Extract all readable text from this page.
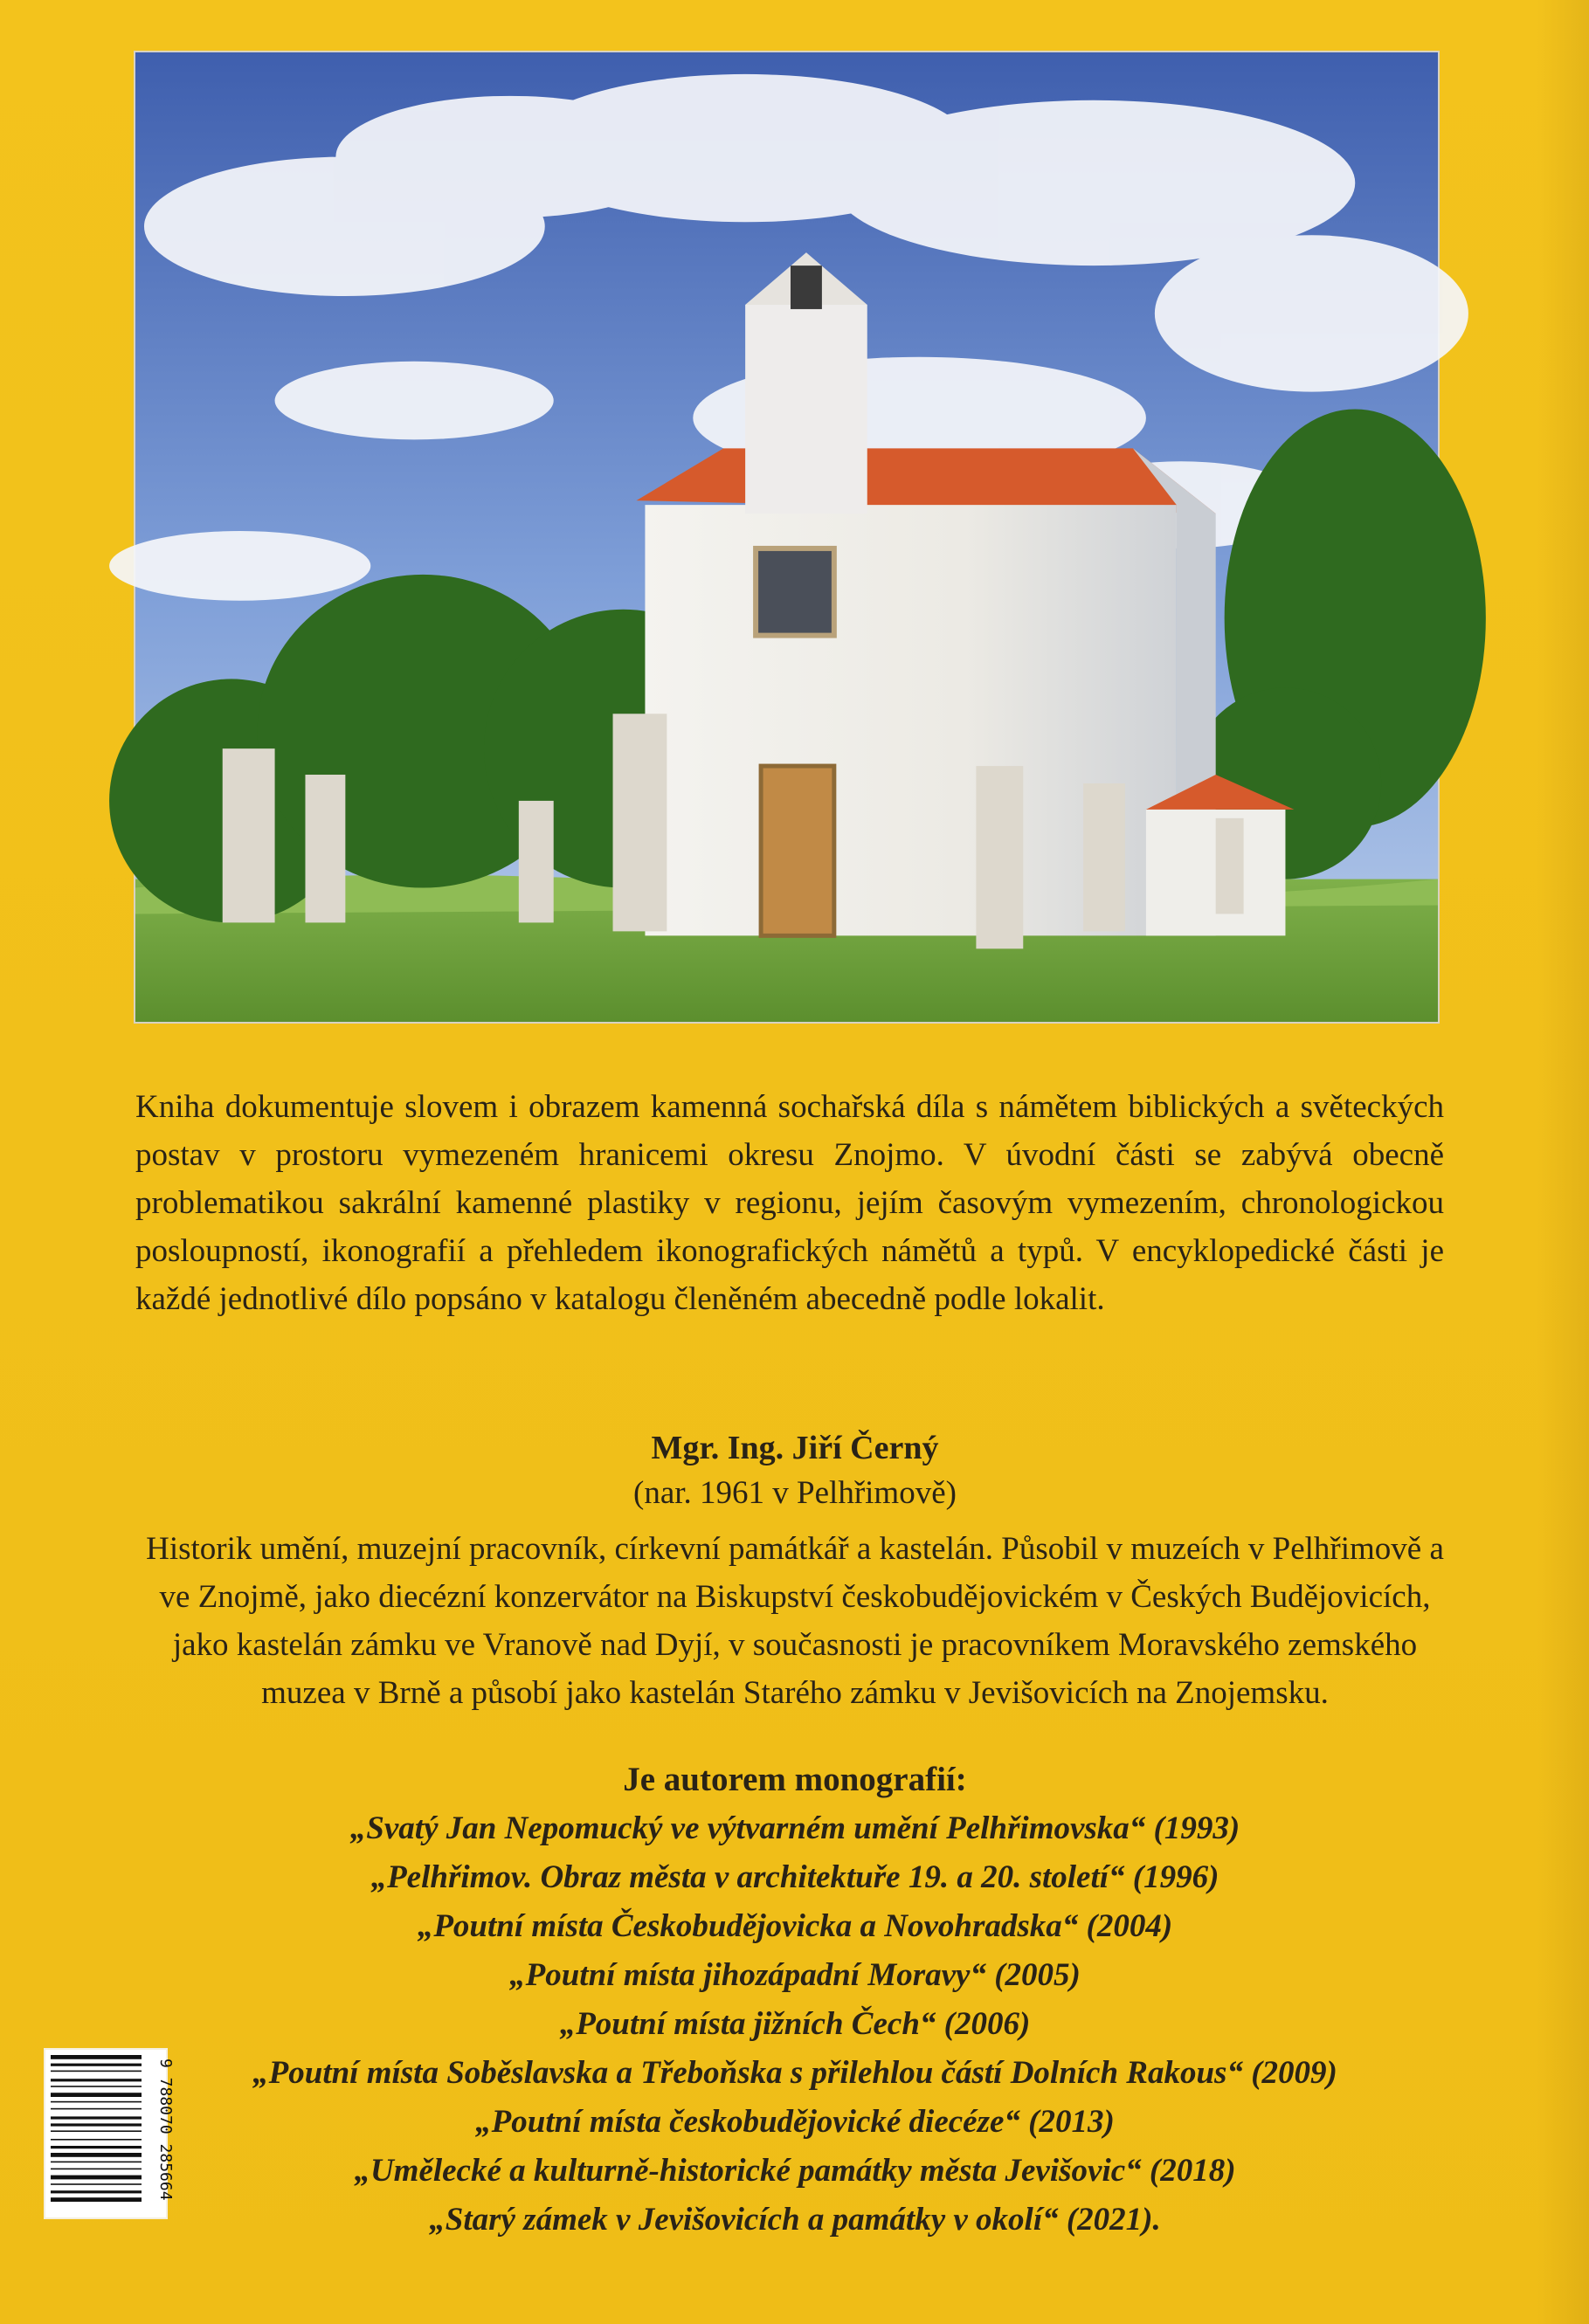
Kniha dokumentuje slovem i obrazem kamenná sochařská díla s námětem biblických a světeckých postav v prostoru vymezeném hranicemi okresu Znojmo. V úvodní části se zabývá obecně problematikou sakrální kamenné plastiky v regionu, jejím časovým vymezením, chronologickou posloupností, ikonografií a přehledem ikonografických námětů a typů. V encyklopedické části je každé jednotlivé dílo popsáno v katalogu členěném abecedně podle lokalit.
Mgr. Ing. Jiří Černý
(nar. 1961 v Pelhřimově)
Historik umění, muzejní pracovník, církevní památkář a kastelán. Působil v muzeích v Pelhřimově a ve Znojmě, jako diecézní konzervátor na Biskupství českobudějovickém v Českých Budějovicích, jako kastelán zámku ve Vranově nad Dyjí, v současnosti je pracovníkem Moravského zemského muzea v Brně a působí jako kastelán Starého zámku v Jevišovicích na Znojemsku.
Je autorem monografií:
„Svatý Jan Nepomucký ve výtvarném umění Pelhřimovska“ (1993)
„Pelhřimov. Obraz města v architektuře 19. a 20. století“ (1996)
„Poutní místa Českobudějovicka a Novohradska“ (2004)
„Poutní místa jihozápadní Moravy“ (2005)
„Poutní místa jižních Čech“ (2006)
„Poutní místa Soběslavska a Třeboňska s přilehlou částí Dolních Rakous“ (2009)
„Poutní místa českobudějovické diecéze“ (2013)
„Umělecké a kulturně-historické památky města Jevišovic“ (2018)
„Starý zámek v Jevišovicích a památky v okolí“ (2021).
9 788070 285664
